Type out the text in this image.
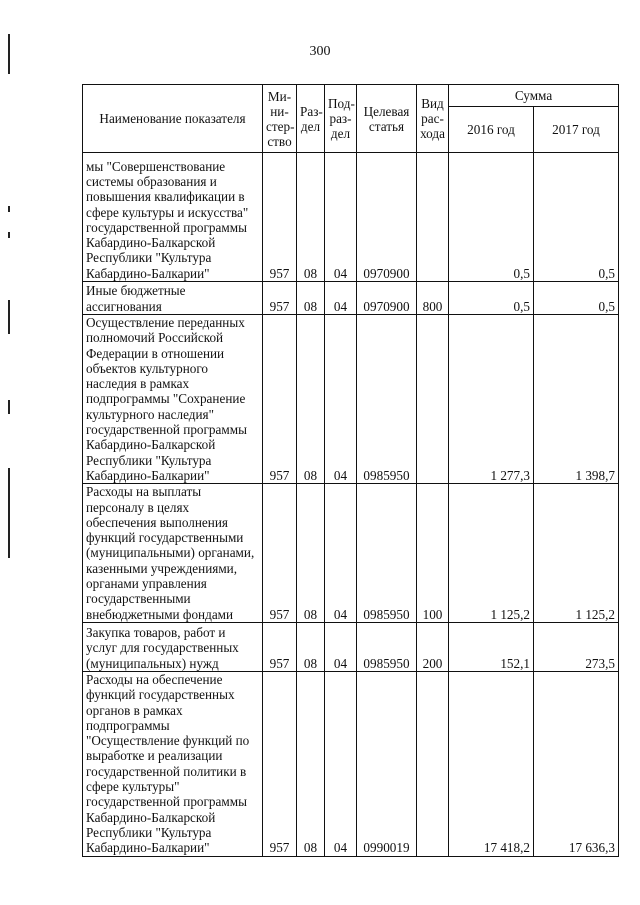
300
Наименование показателя	Ми-ни-стер-ство	Раз-дел	Под-раз-дел	Целевая статья	Вид рас-хода	Сумма	
						2016 год	2017 год
мы "Совершенствование системы образования и повышения квалификации в сфере культуры и искусства" государственной программы Кабардино-Балкарской Республики "Культура Кабардино-Балкарии"	957	08	04	0970900		0,5	0,5
Иные бюджетные ассигнования	957	08	04	0970900	800	0,5	0,5
Осуществление переданных полномочий Российской Федерации в отношении объектов культурного наследия в рамках подпрограммы "Сохранение культурного наследия" государственной программы Кабардино-Балкарской Республики "Культура Кабардино-Балкарии"	957	08	04	0985950		1 277,3	1 398,7
Расходы на выплаты персоналу в целях обеспечения выполнения функций государственными (муниципальными) органами, казенными учреждениями, органами управления государственными внебюджетными фондами	957	08	04	0985950	100	1 125,2	1 125,2
Закупка товаров, работ и услуг для государственных (муниципальных) нужд	957	08	04	0985950	200	152,1	273,5
Расходы на обеспечение функций государственных органов в рамках подпрограммы "Осуществление функций по выработке и реализации государственной политики в сфере культуры" государственной программы Кабардино-Балкарской Республики "Культура Кабардино-Балкарии"	957	08	04	0990019		17 418,2	17 636,3
